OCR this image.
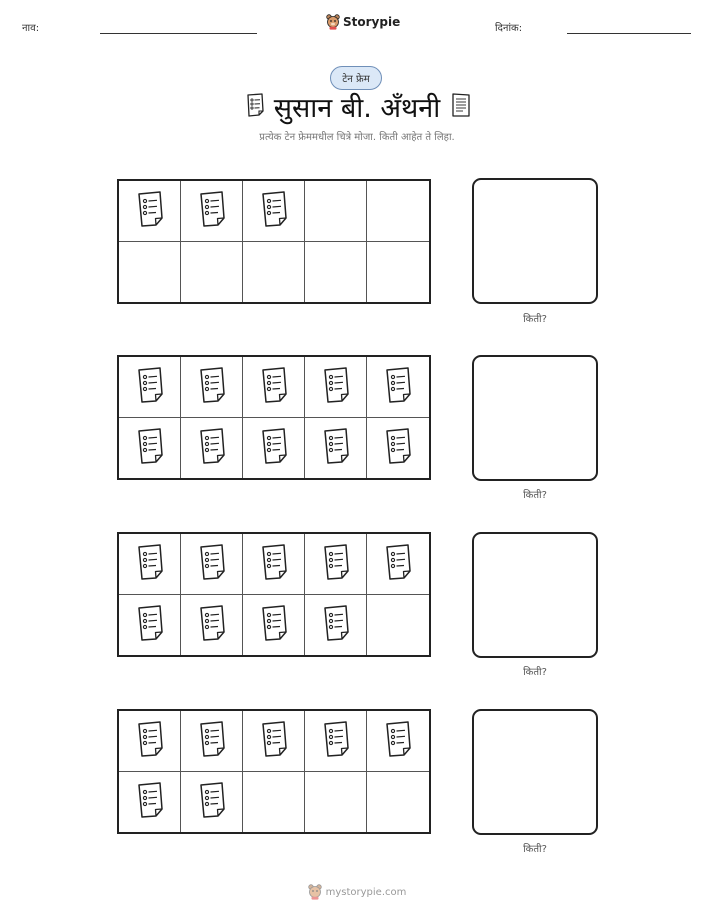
नाव:	Storypie	दिनांक:
टेन फ्रेम
सुसान बी. अँथनी
प्रत्येक टेन फ्रेममधील चित्रे मोजा. किती आहेत ते लिहा.
किती?
किती?
किती?
किती?
mystorypie.com
